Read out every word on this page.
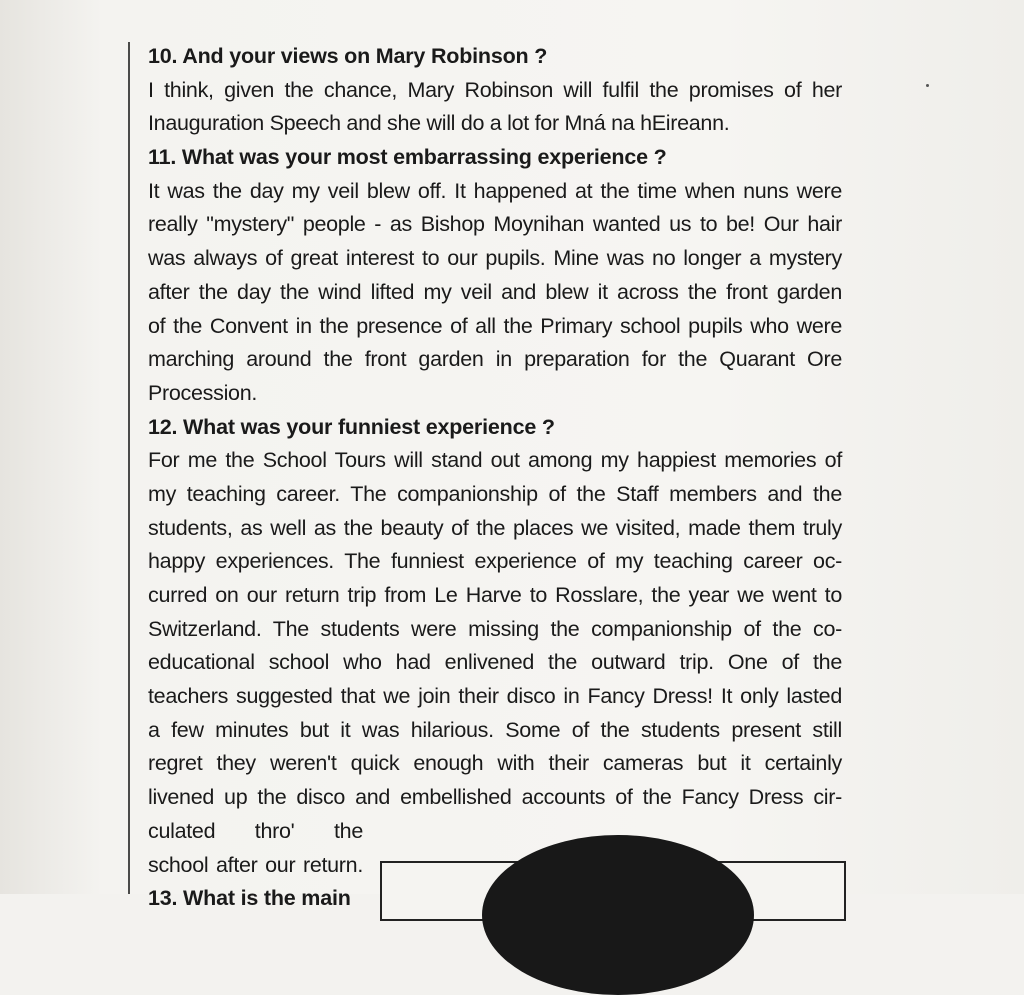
10. And your views on Mary Robinson ?
I think, given the chance, Mary Robinson will fulfil the promises of her
Inauguration Speech and she will do a lot for Mná na hEireann.
11. What was your most embarrassing experience ?
It was the day my veil blew off. It happened at the time when nuns were
really "mystery" people - as Bishop Moynihan wanted us to be! Our hair
was always of great interest to our pupils. Mine was no longer a mystery
after the day the wind lifted my veil and blew it across the front garden
of the Convent in the presence of all the Primary school pupils who were
marching around the front garden in preparation for the Quarant Ore
Procession.
12. What was your funniest experience ?
For me the School Tours will stand out among my happiest memories of
my teaching career. The companionship of the Staff members and the
students, as well as the beauty of the places we visited, made them truly
happy experiences. The funniest experience of my teaching career oc-
curred on our return trip from Le Harve to Rosslare, the year we went to
Switzerland. The students were missing the companionship of the co-
educational school who had enlivened the outward trip. One of the
teachers suggested that we join their disco in Fancy Dress! It only lasted
a few minutes but it was hilarious. Some of the students present still
regret they weren't quick enough with their cameras but it certainly
livened up the disco and embellished accounts of the Fancy Dress cir-
culated thro' the
school after our return.
13. What is the main
